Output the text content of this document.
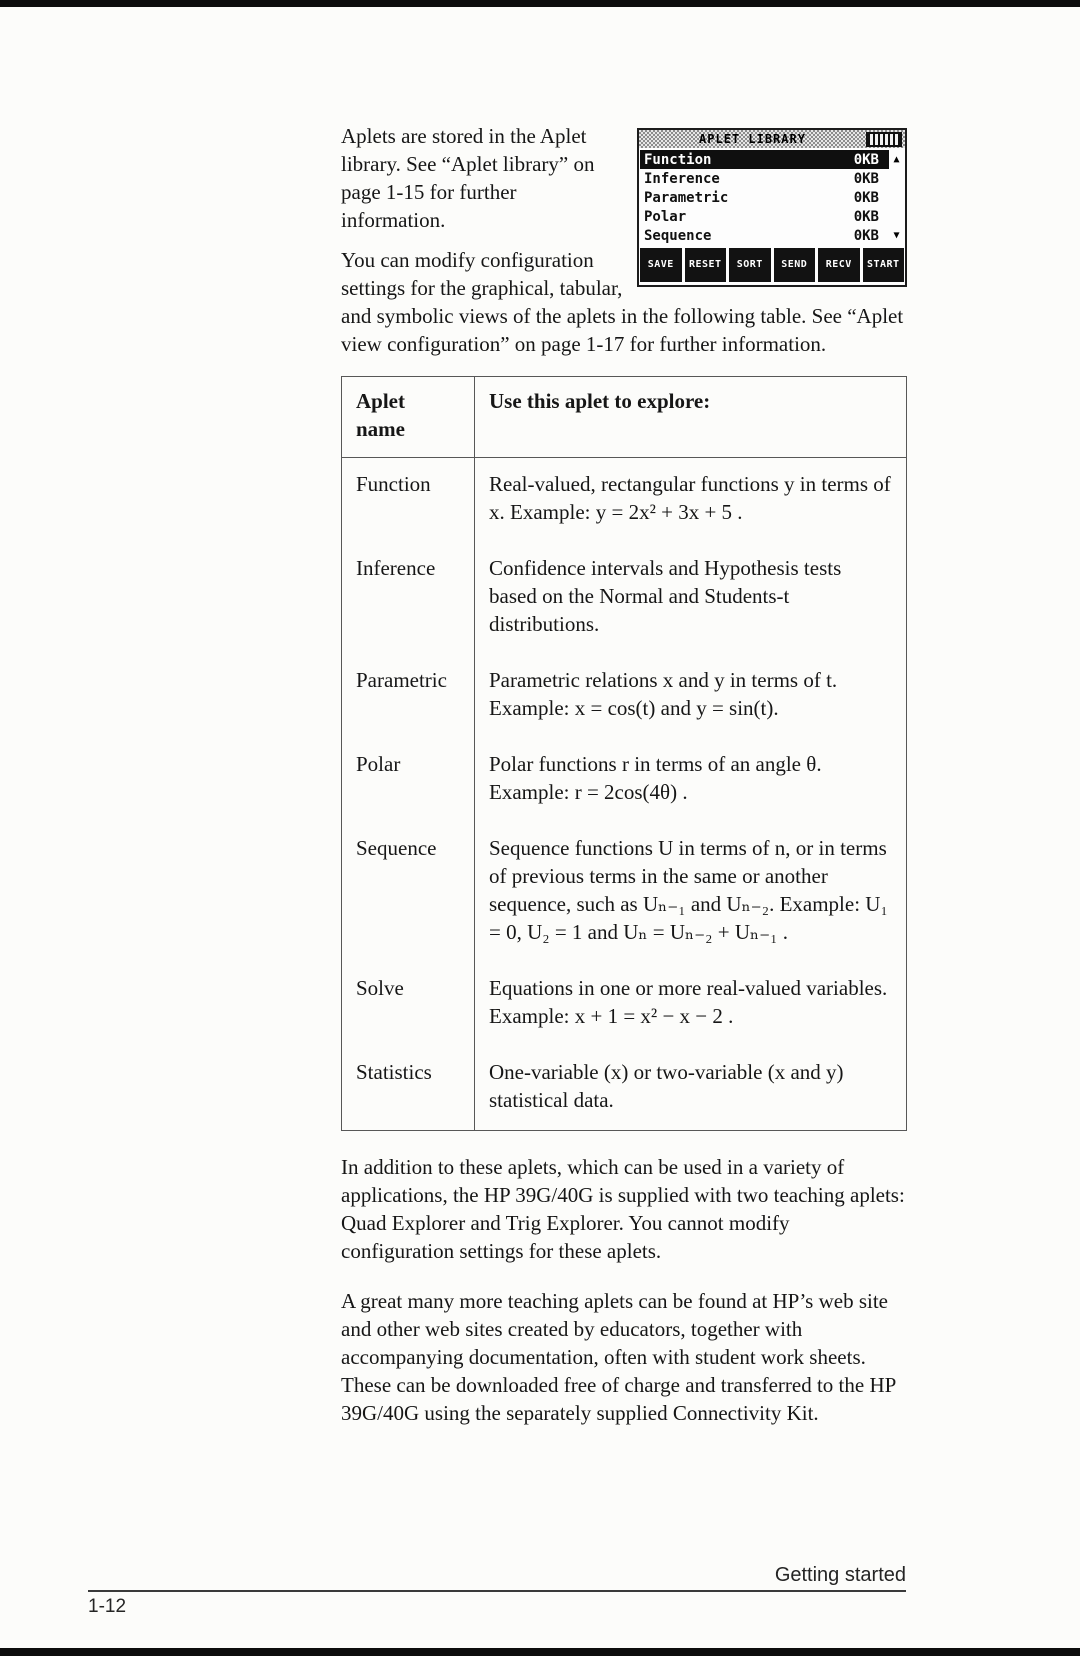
APLET LIBRARY
Function	0KB	▲
Inference	0KB
Parametric	0KB
Polar	0KB
Sequence	0KB	▼
SAVE	RESET	SORT	SEND	RECV	START

Aplets are stored in the Aplet library. See “Aplet library” on page 1-15 for further information.

You can modify configuration settings for the graphical, tabular, and symbolic views of the aplets in the following table. See “Aplet view configuration” on page 1-17 for further information.

Aplet name	Use this aplet to explore:
Function	Real-valued, rectangular functions y in terms of x. Example: y = 2x² + 3x + 5 .
Inference	Confidence intervals and Hypothesis tests based on the Normal and Students-t distributions.
Parametric	Parametric relations x and y in terms of t. Example: x = cos(t) and y = sin(t).
Polar	Polar functions r in terms of an angle θ. Example: r = 2cos(4θ) .
Sequence	Sequence functions U in terms of n, or in terms of previous terms in the same or another sequence, such as Uₙ₋₁ and Uₙ₋₂. Example: U₁ = 0, U₂ = 1 and Uₙ = Uₙ₋₂ + Uₙ₋₁ .
Solve	Equations in one or more real-valued variables. Example: x + 1 = x² − x − 2 .
Statistics	One-variable (x) or two-variable (x and y) statistical data.

In addition to these aplets, which can be used in a variety of applications, the HP 39G/40G is supplied with two teaching aplets: Quad Explorer and Trig Explorer. You cannot modify configuration settings for these aplets.

A great many more teaching aplets can be found at HP’s web site and other web sites created by educators, together with accompanying documentation, often with student work sheets. These can be downloaded free of charge and transferred to the HP 39G/40G using the separately supplied Connectivity Kit.

Getting started
1-12
